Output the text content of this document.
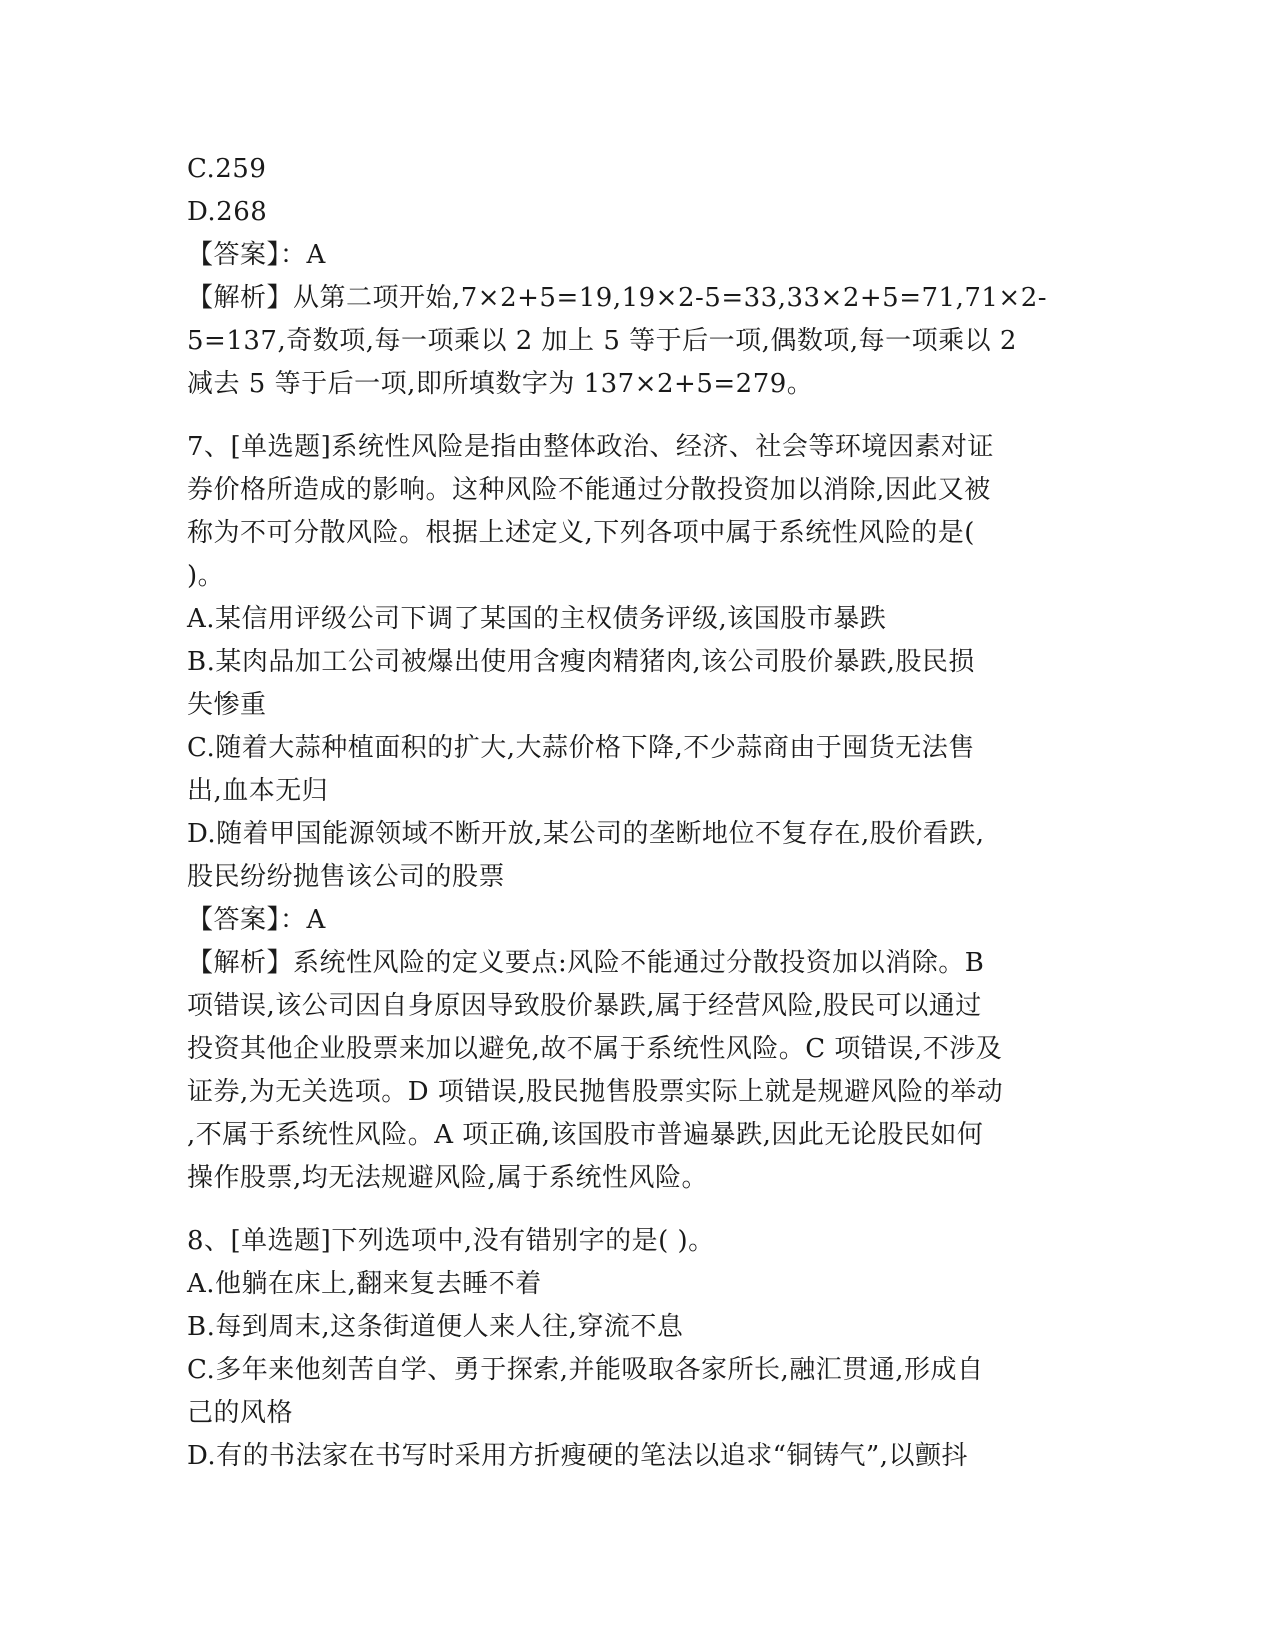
C.259
D.268
【答案】：A
【解析】从第二项开始,7×2+5=19,19×2-5=33,33×2+5=71,71×2-
5=137,奇数项,每一项乘以 2 加上 5 等于后一项,偶数项,每一项乘以 2
减去 5 等于后一项,即所填数字为 137×2+5=279。
7、[单选题]系统性风险是指由整体政治、经济、社会等环境因素对证
券价格所造成的影响。这种风险不能通过分散投资加以消除,因此又被
称为不可分散风险。根据上述定义,下列各项中属于系统性风险的是(
)。
A.某信用评级公司下调了某国的主权债务评级,该国股市暴跌
B.某肉品加工公司被爆出使用含瘦肉精猪肉,该公司股价暴跌,股民损
失惨重
C.随着大蒜种植面积的扩大,大蒜价格下降,不少蒜商由于囤货无法售
出,血本无归
D.随着甲国能源领域不断开放,某公司的垄断地位不复存在,股价看跌,
股民纷纷抛售该公司的股票
【答案】：A
【解析】系统性风险的定义要点:风险不能通过分散投资加以消除。B
项错误,该公司因自身原因导致股价暴跌,属于经营风险,股民可以通过
投资其他企业股票来加以避免,故不属于系统性风险。C 项错误,不涉及
证券,为无关选项。D 项错误,股民抛售股票实际上就是规避风险的举动
,不属于系统性风险。A 项正确,该国股市普遍暴跌,因此无论股民如何
操作股票,均无法规避风险,属于系统性风险。
8、[单选题]下列选项中,没有错别字的是( )。
A.他躺在床上,翻来复去睡不着
B.每到周末,这条街道便人来人往,穿流不息
C.多年来他刻苦自学、勇于探索,并能吸取各家所长,融汇贯通,形成自
己的风格
D.有的书法家在书写时采用方折瘦硬的笔法以追求“铜铸气”,以颤抖
